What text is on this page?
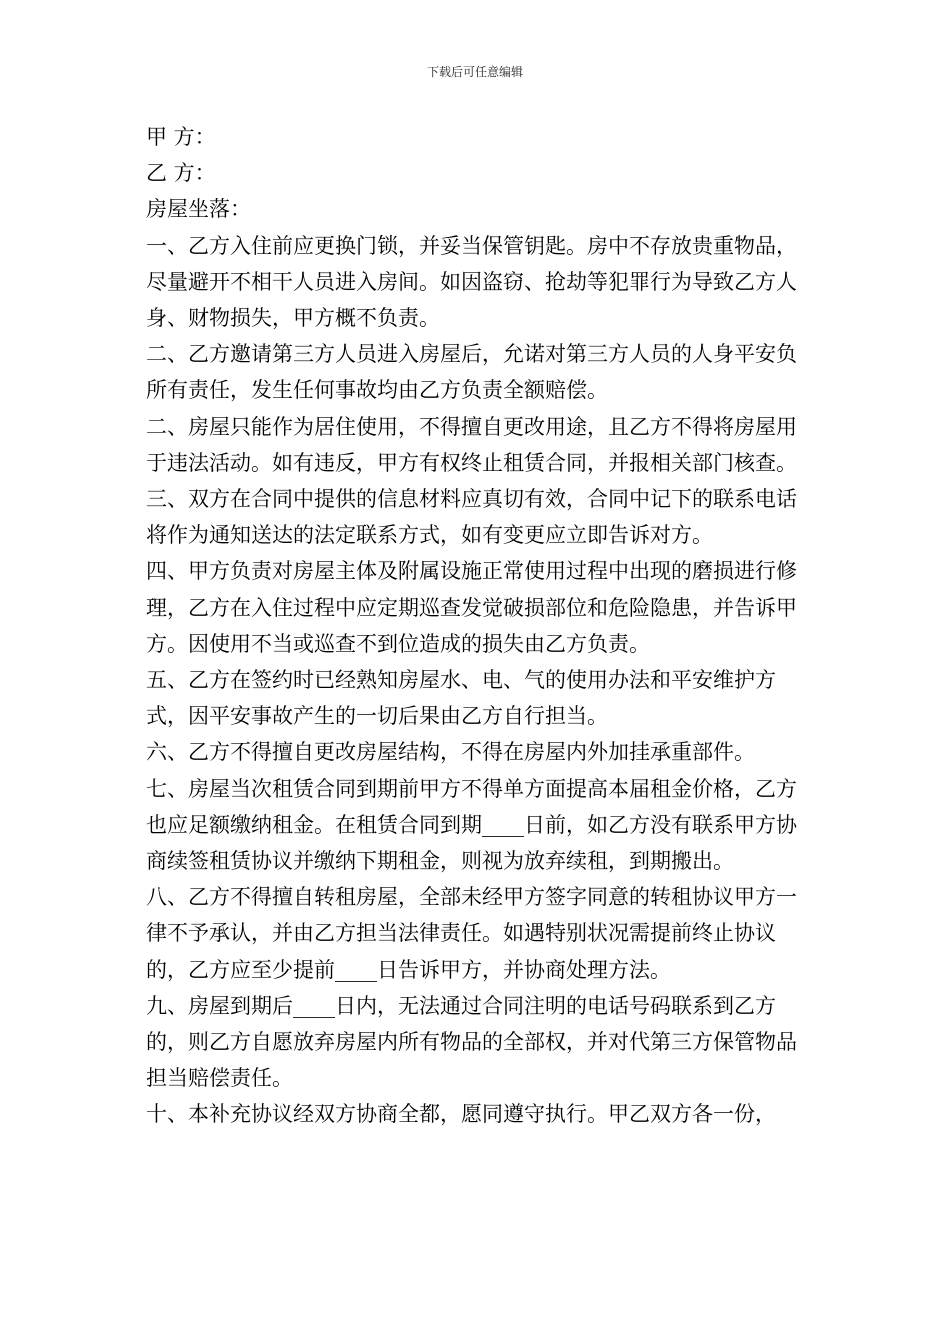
下载后可任意编辑

甲 方：

乙 方：

房屋坐落：

一、乙方入住前应更换门锁，并妥当保管钥匙。房中不存放贵重物品，尽量避开不相干人员进入房间。如因盗窃、抢劫等犯罪行为导致乙方人身、财物损失，甲方概不负责。

二、乙方邀请第三方人员进入房屋后，允诺对第三方人员的人身平安负所有责任，发生任何事故均由乙方负责全额赔偿。

二、房屋只能作为居住使用，不得擅自更改用途，且乙方不得将房屋用于违法活动。如有违反，甲方有权终止租赁合同，并报相关部门核查。

三、双方在合同中提供的信息材料应真切有效，合同中记下的联系电话将作为通知送达的法定联系方式，如有变更应立即告诉对方。

四、甲方负责对房屋主体及附属设施正常使用过程中出现的磨损进行修理，乙方在入住过程中应定期巡查发觉破损部位和危险隐患，并告诉甲方。因使用不当或巡查不到位造成的损失由乙方负责。

五、乙方在签约时已经熟知房屋水、电、气的使用办法和平安维护方式，因平安事故产生的一切后果由乙方自行担当。

六、乙方不得擅自更改房屋结构，不得在房屋内外加挂承重部件。

七、房屋当次租赁合同到期前甲方不得单方面提高本届租金价格，乙方也应足额缴纳租金。在租赁合同到期____日前，如乙方没有联系甲方协商续签租赁协议并缴纳下期租金，则视为放弃续租，到期搬出。

八、乙方不得擅自转租房屋，全部未经甲方签字同意的转租协议甲方一律不予承认，并由乙方担当法律责任。如遇特别状况需提前终止协议的，乙方应至少提前____日告诉甲方，并协商处理方法。

九、房屋到期后____日内，无法通过合同注明的电话号码联系到乙方的，则乙方自愿放弃房屋内所有物品的全部权，并对代第三方保管物品担当赔偿责任。

十、本补充协议经双方协商全都，愿同遵守执行。甲乙双方各一份，
